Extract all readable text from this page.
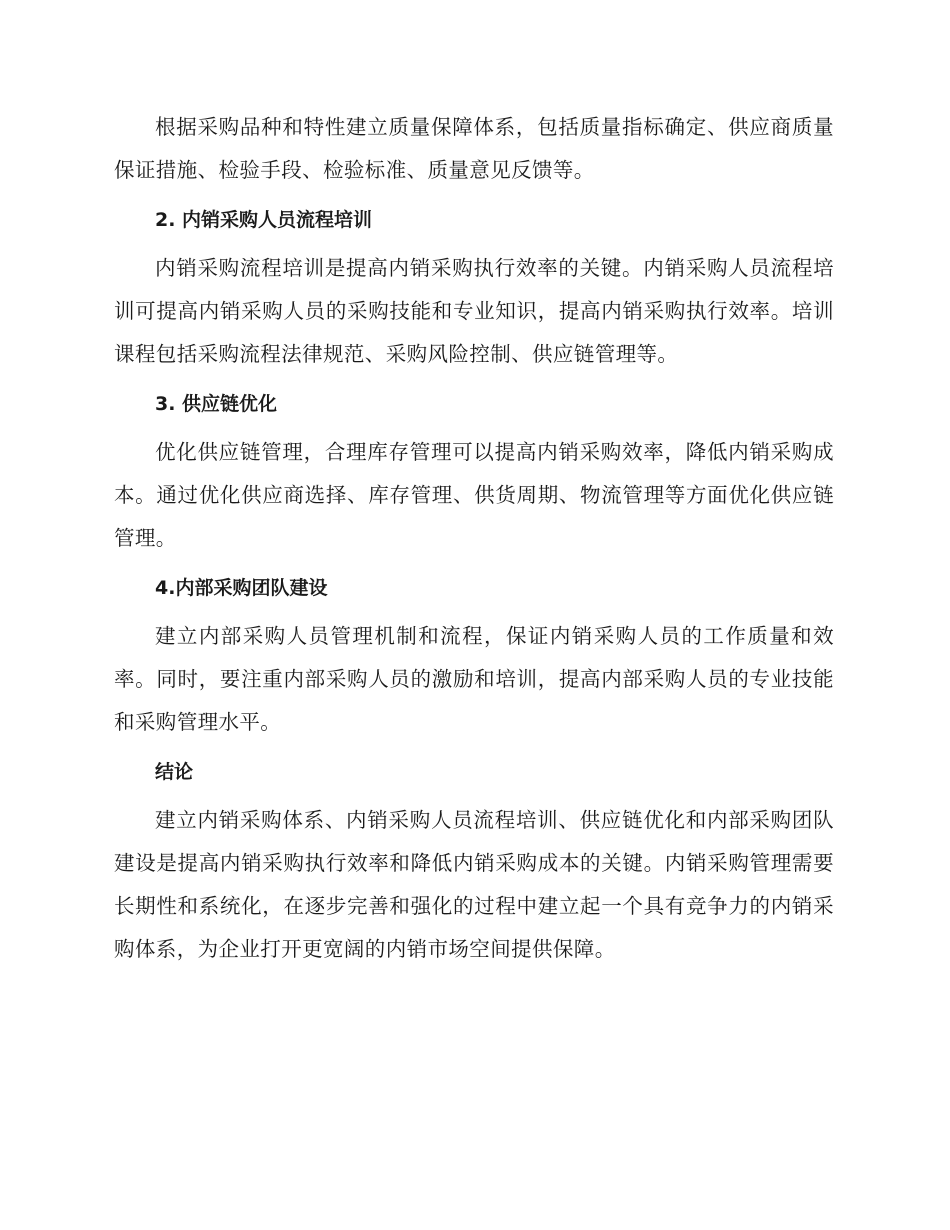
根据采购品种和特性建立质量保障体系，包括质量指标确定、供应商质量保证措施、检验手段、检验标准、质量意见反馈等。

2. 内销采购人员流程培训

内销采购流程培训是提高内销采购执行效率的关键。内销采购人员流程培训可提高内销采购人员的采购技能和专业知识，提高内销采购执行效率。培训课程包括采购流程法律规范、采购风险控制、供应链管理等。

3. 供应链优化

优化供应链管理，合理库存管理可以提高内销采购效率，降低内销采购成本。通过优化供应商选择、库存管理、供货周期、物流管理等方面优化供应链管理。

4.内部采购团队建设

建立内部采购人员管理机制和流程，保证内销采购人员的工作质量和效率。同时，要注重内部采购人员的激励和培训，提高内部采购人员的专业技能和采购管理水平。

结论

建立内销采购体系、内销采购人员流程培训、供应链优化和内部采购团队建设是提高内销采购执行效率和降低内销采购成本的关键。内销采购管理需要长期性和系统化，在逐步完善和强化的过程中建立起一个具有竞争力的内销采购体系，为企业打开更宽阔的内销市场空间提供保障。
